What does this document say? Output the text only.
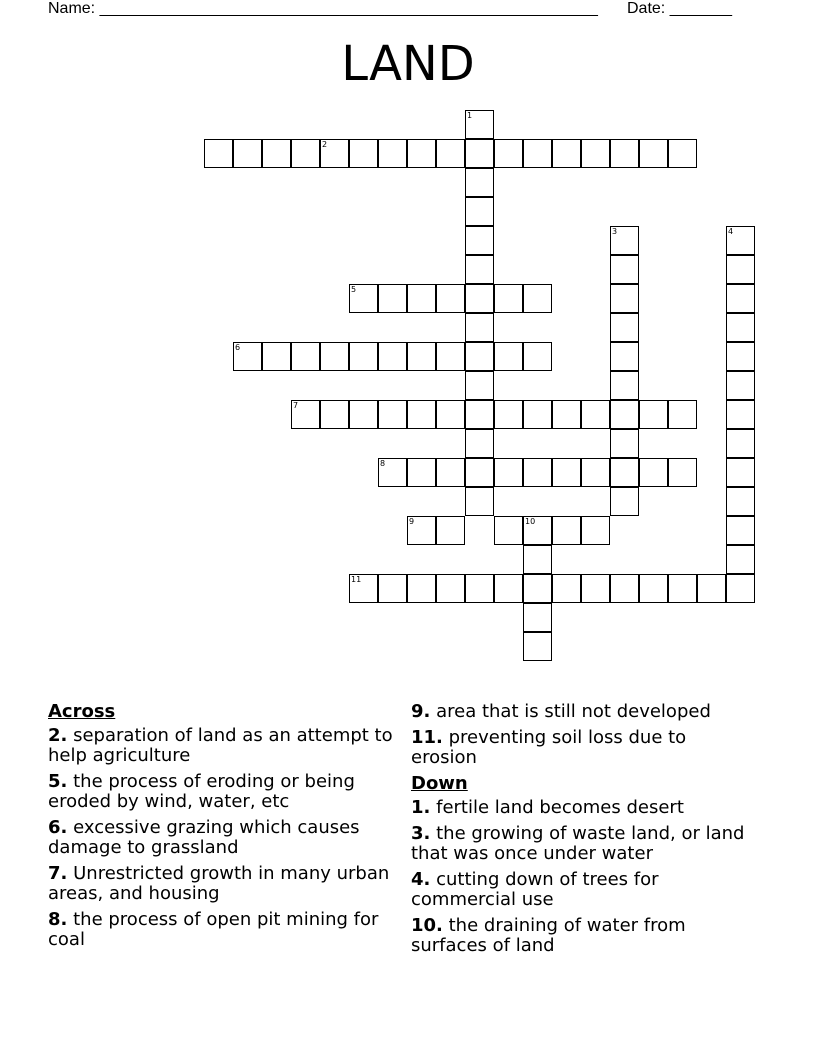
Name: ________________________________________________________ Date: _______
LAND
1
2
3	4
5
6
7
8
9	10
11
Across
2. separation of land as an attempt to help agriculture
5. the process of eroding or being eroded by wind, water, etc
6. excessive grazing which causes damage to grassland
7. Unrestricted growth in many urban areas, and housing
8. the process of open pit mining for coal
9. area that is still not developed
11. preventing soil loss due to erosion
Down
1. fertile land becomes desert
3. the growing of waste land, or land that was once under water
4. cutting down of trees for commercial use
10. the draining of water from surfaces of land
